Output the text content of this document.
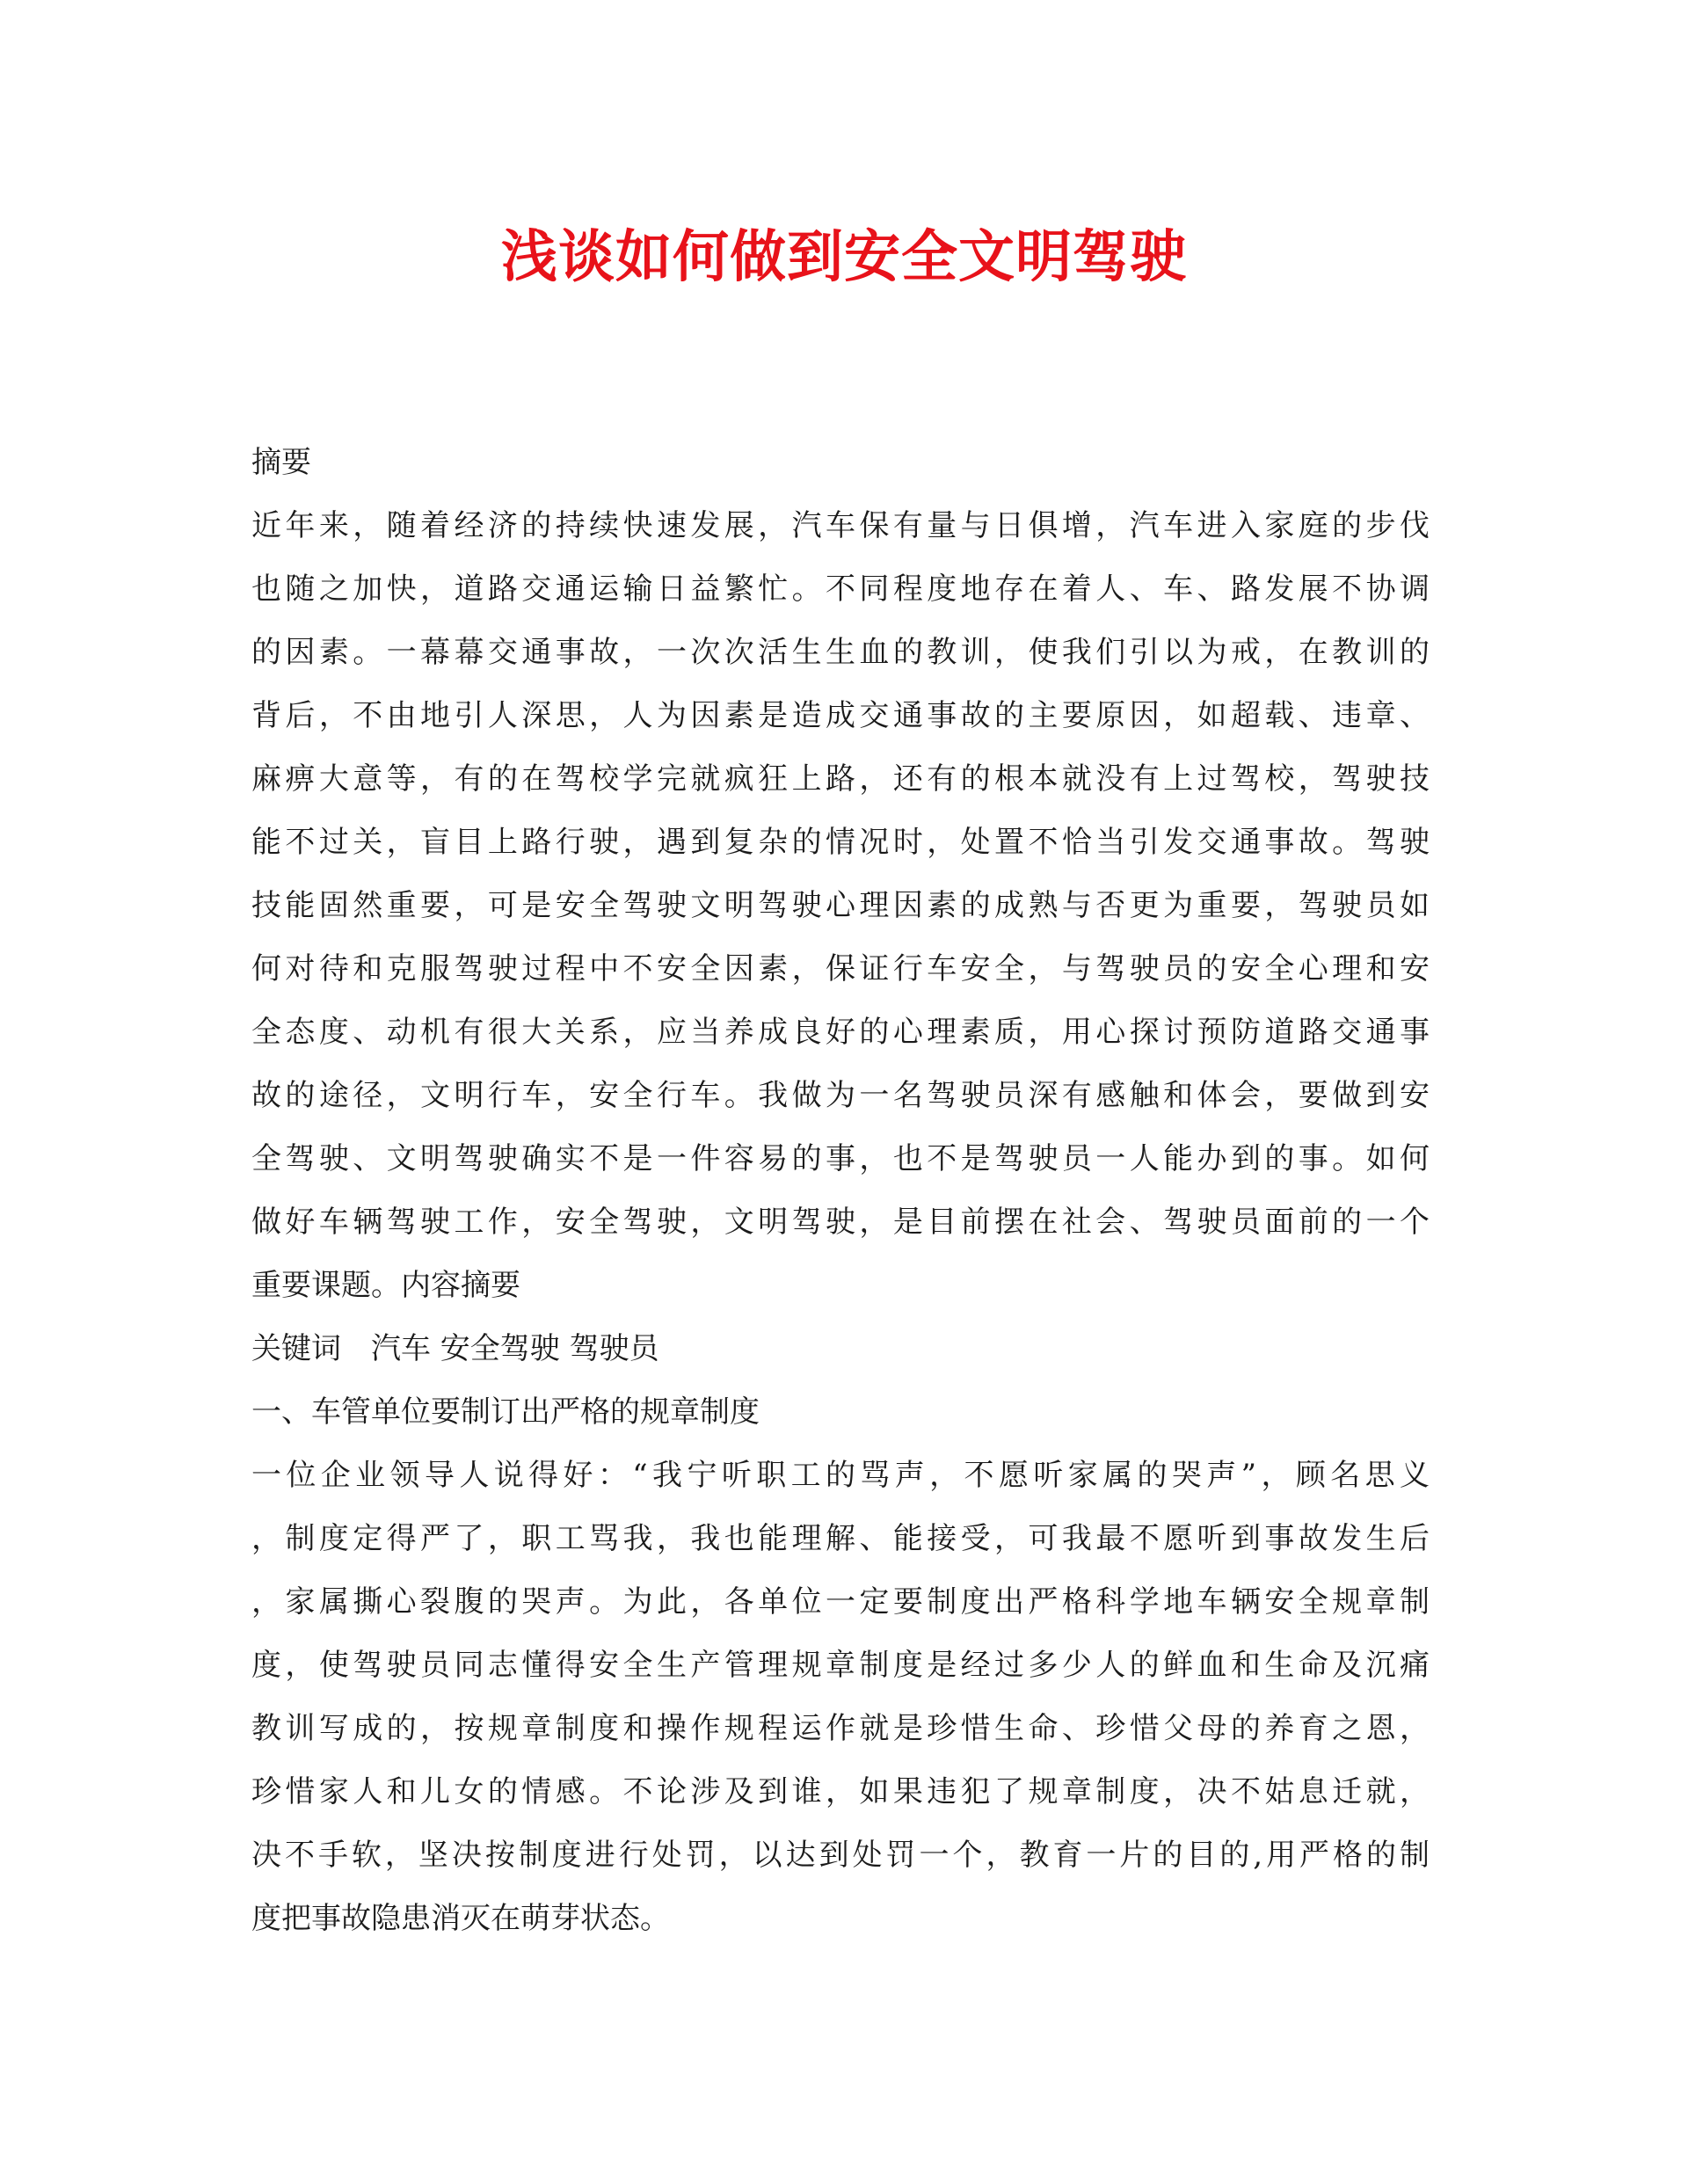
浅谈如何做到安全文明驾驶

摘要

近年来，随着经济的持续快速发展，汽车保有量与日俱增，汽车进入家庭的步伐

也随之加快，道路交通运输日益繁忙。不同程度地存在着人、车、路发展不协调

的因素。一幕幕交通事故，一次次活生生血的教训，使我们引以为戒，在教训的

背后，不由地引人深思，人为因素是造成交通事故的主要原因，如超载、违章、

麻痹大意等，有的在驾校学完就疯狂上路，还有的根本就没有上过驾校，驾驶技

能不过关，盲目上路行驶，遇到复杂的情况时，处置不恰当引发交通事故。驾驶

技能固然重要，可是安全驾驶文明驾驶心理因素的成熟与否更为重要，驾驶员如

何对待和克服驾驶过程中不安全因素，保证行车安全，与驾驶员的安全心理和安

全态度、动机有很大关系，应当养成良好的心理素质，用心探讨预防道路交通事

故的途径，文明行车，安全行车。我做为一名驾驶员深有感触和体会，要做到安

全驾驶、文明驾驶确实不是一件容易的事，也不是驾驶员一人能办到的事。如何

做好车辆驾驶工作，安全驾驶，文明驾驶，是目前摆在社会、驾驶员面前的一个

重要课题。内容摘要

关键词　汽车 安全驾驶 驾驶员

一、车管单位要制订出严格的规章制度

一位企业领导人说得好：“我宁听职工的骂声，不愿听家属的哭声”，顾名思义

，制度定得严了，职工骂我，我也能理解、能接受，可我最不愿听到事故发生后

，家属撕心裂腹的哭声。为此，各单位一定要制度出严格科学地车辆安全规章制

度，使驾驶员同志懂得安全生产管理规章制度是经过多少人的鲜血和生命及沉痛

教训写成的，按规章制度和操作规程运作就是珍惜生命、珍惜父母的养育之恩，

珍惜家人和儿女的情感。不论涉及到谁，如果违犯了规章制度，决不姑息迁就，

决不手软，坚决按制度进行处罚，以达到处罚一个，教育一片的目的,用严格的制

度把事故隐患消灭在萌芽状态。
